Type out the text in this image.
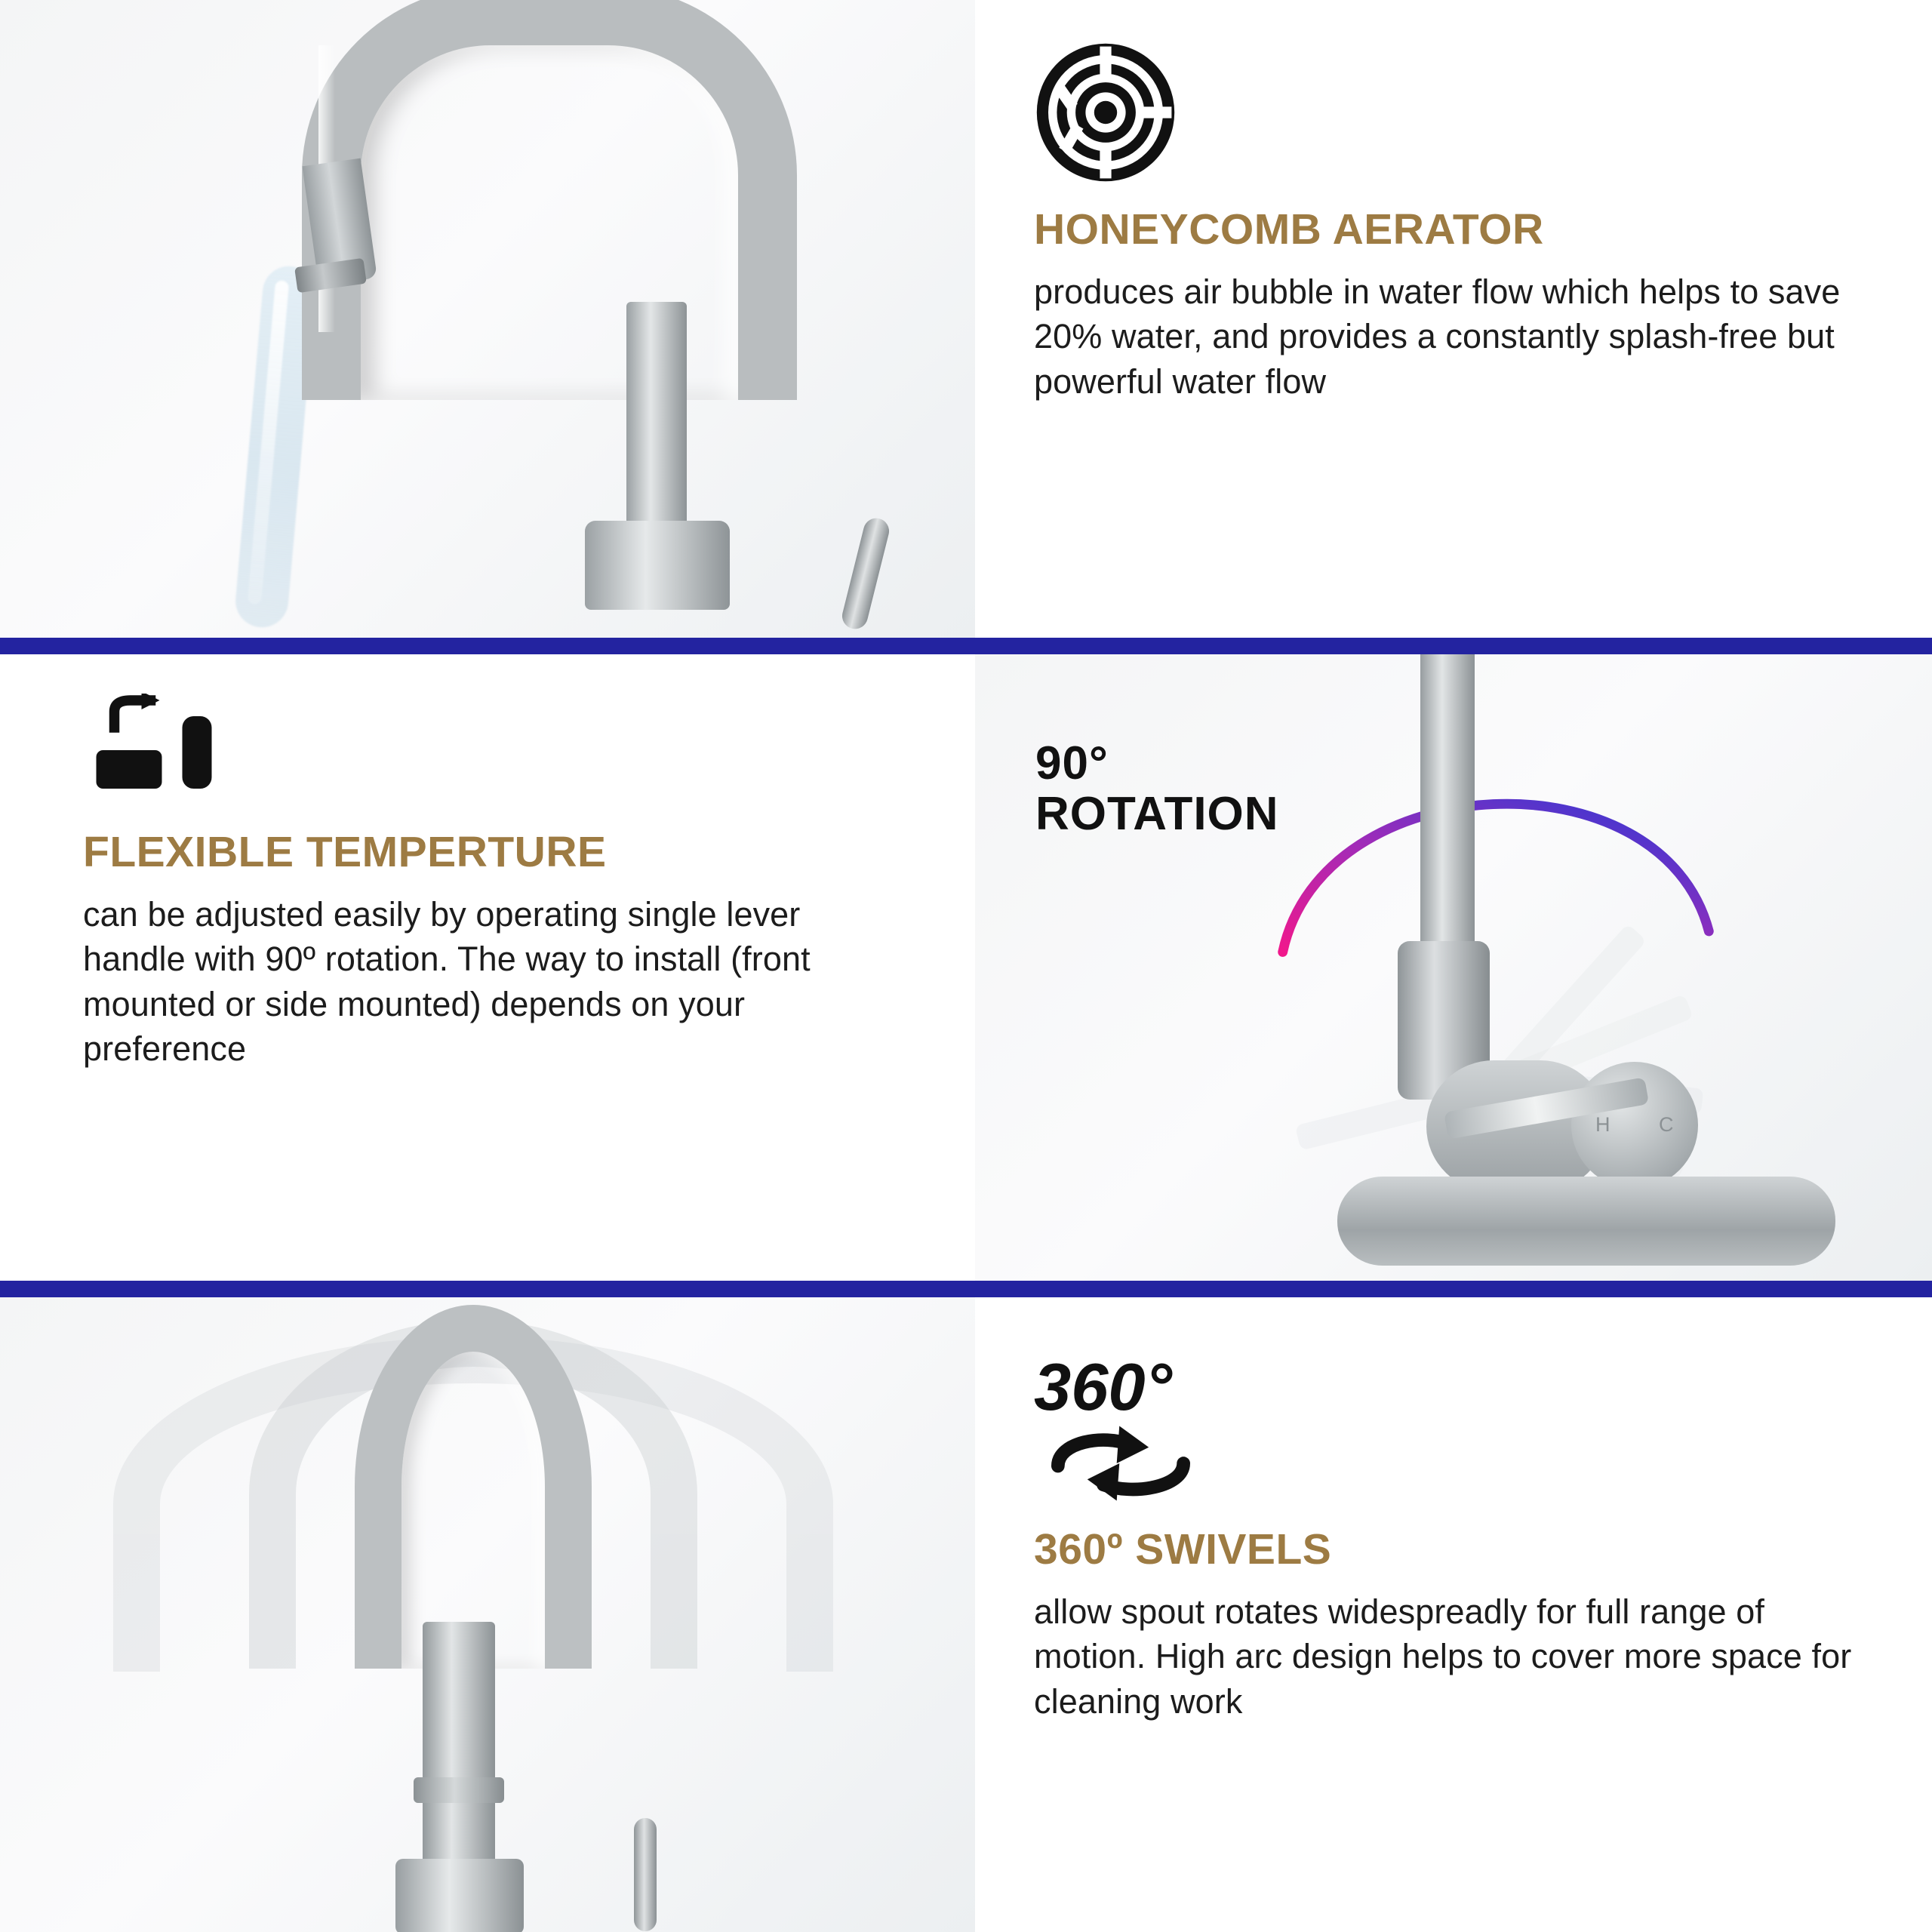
HONEYCOMB AERATOR

produces air bubble in water flow which helps to save 20% water, and provides a constantly splash-free but powerful water flow

FLEXIBLE TEMPERTURE

can be adjusted easily by operating single lever handle with 90º rotation. The way to install (front mounted or side mounted) depends on your preference

90°
ROTATION
H C
360°
360º SWIVELS

allow spout rotates widespreadly for full range of motion. High arc design helps to cover more space for cleaning work
